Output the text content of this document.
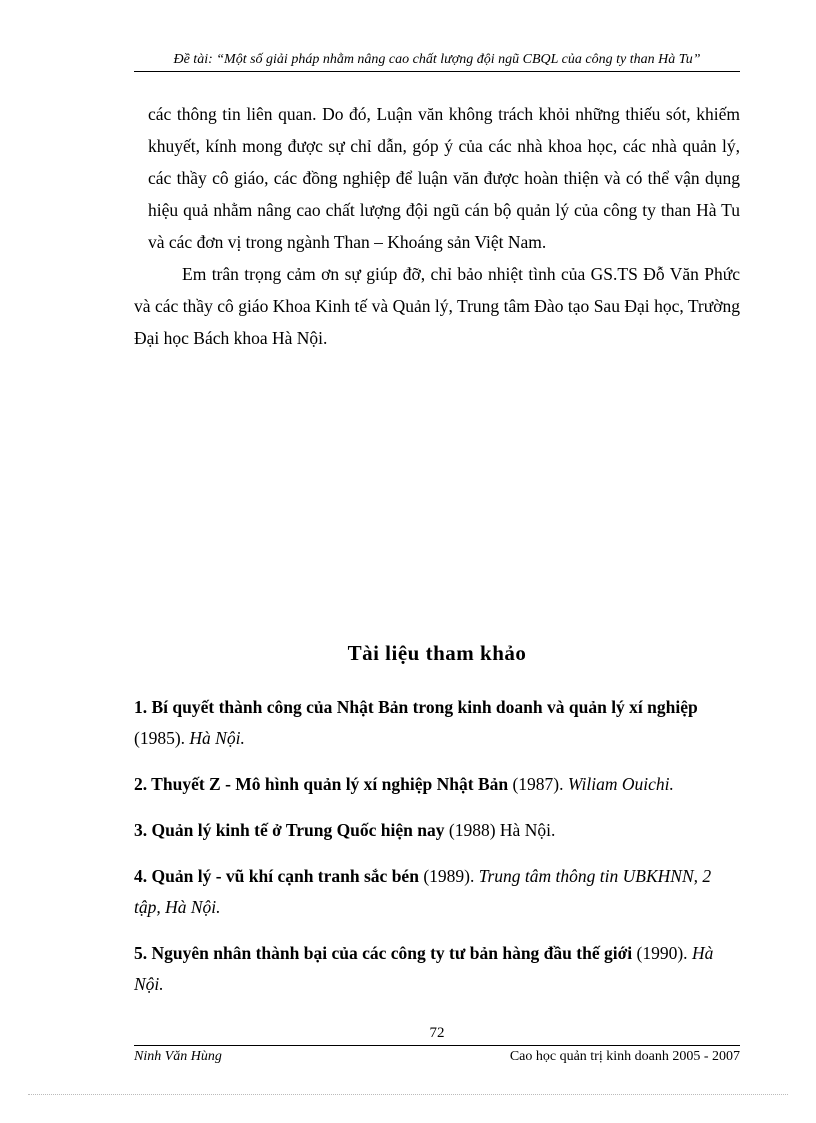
Đề tài: “Một số giải pháp nhằm nâng cao chất lượng đội ngũ CBQL của công ty than Hà Tu”

các thông tin liên quan. Do đó, Luận văn không trách khỏi những thiếu sót, khiếm khuyết, kính mong được sự chỉ dẫn, góp ý của các nhà khoa học, các nhà quản lý, các thầy cô giáo, các đồng nghiệp để luận văn được hoàn thiện và có thể vận dụng hiệu quả nhằm nâng cao chất lượng đội ngũ cán bộ quản lý của công ty than Hà Tu và các đơn vị trong ngành Than – Khoáng sản Việt Nam.

Em trân trọng cảm ơn sự giúp đỡ, chỉ bảo nhiệt tình của GS.TS Đỗ Văn Phức và các thầy cô giáo Khoa Kinh tế và Quản lý, Trung tâm Đào tạo Sau Đại học, Trường Đại học Bách khoa Hà Nội.

Tài liệu tham khảo

1. Bí quyết thành công của Nhật Bản trong kinh doanh và quản lý xí nghiệp (1985). Hà Nội.

2. Thuyết Z - Mô hình quản lý xí nghiệp Nhật Bản (1987). Wiliam Ouichi.

3. Quản lý kinh tế ở Trung Quốc hiện nay (1988) Hà Nội.

4. Quản lý - vũ khí cạnh tranh sắc bén (1989). Trung tâm thông tin UBKHNN, 2 tập, Hà Nội.

5. Nguyên nhân thành bại của các công ty tư bản hàng đầu thế giới (1990). Hà Nội.

72
Ninh Văn Hùng	Cao học quản trị kinh doanh 2005 - 2007
